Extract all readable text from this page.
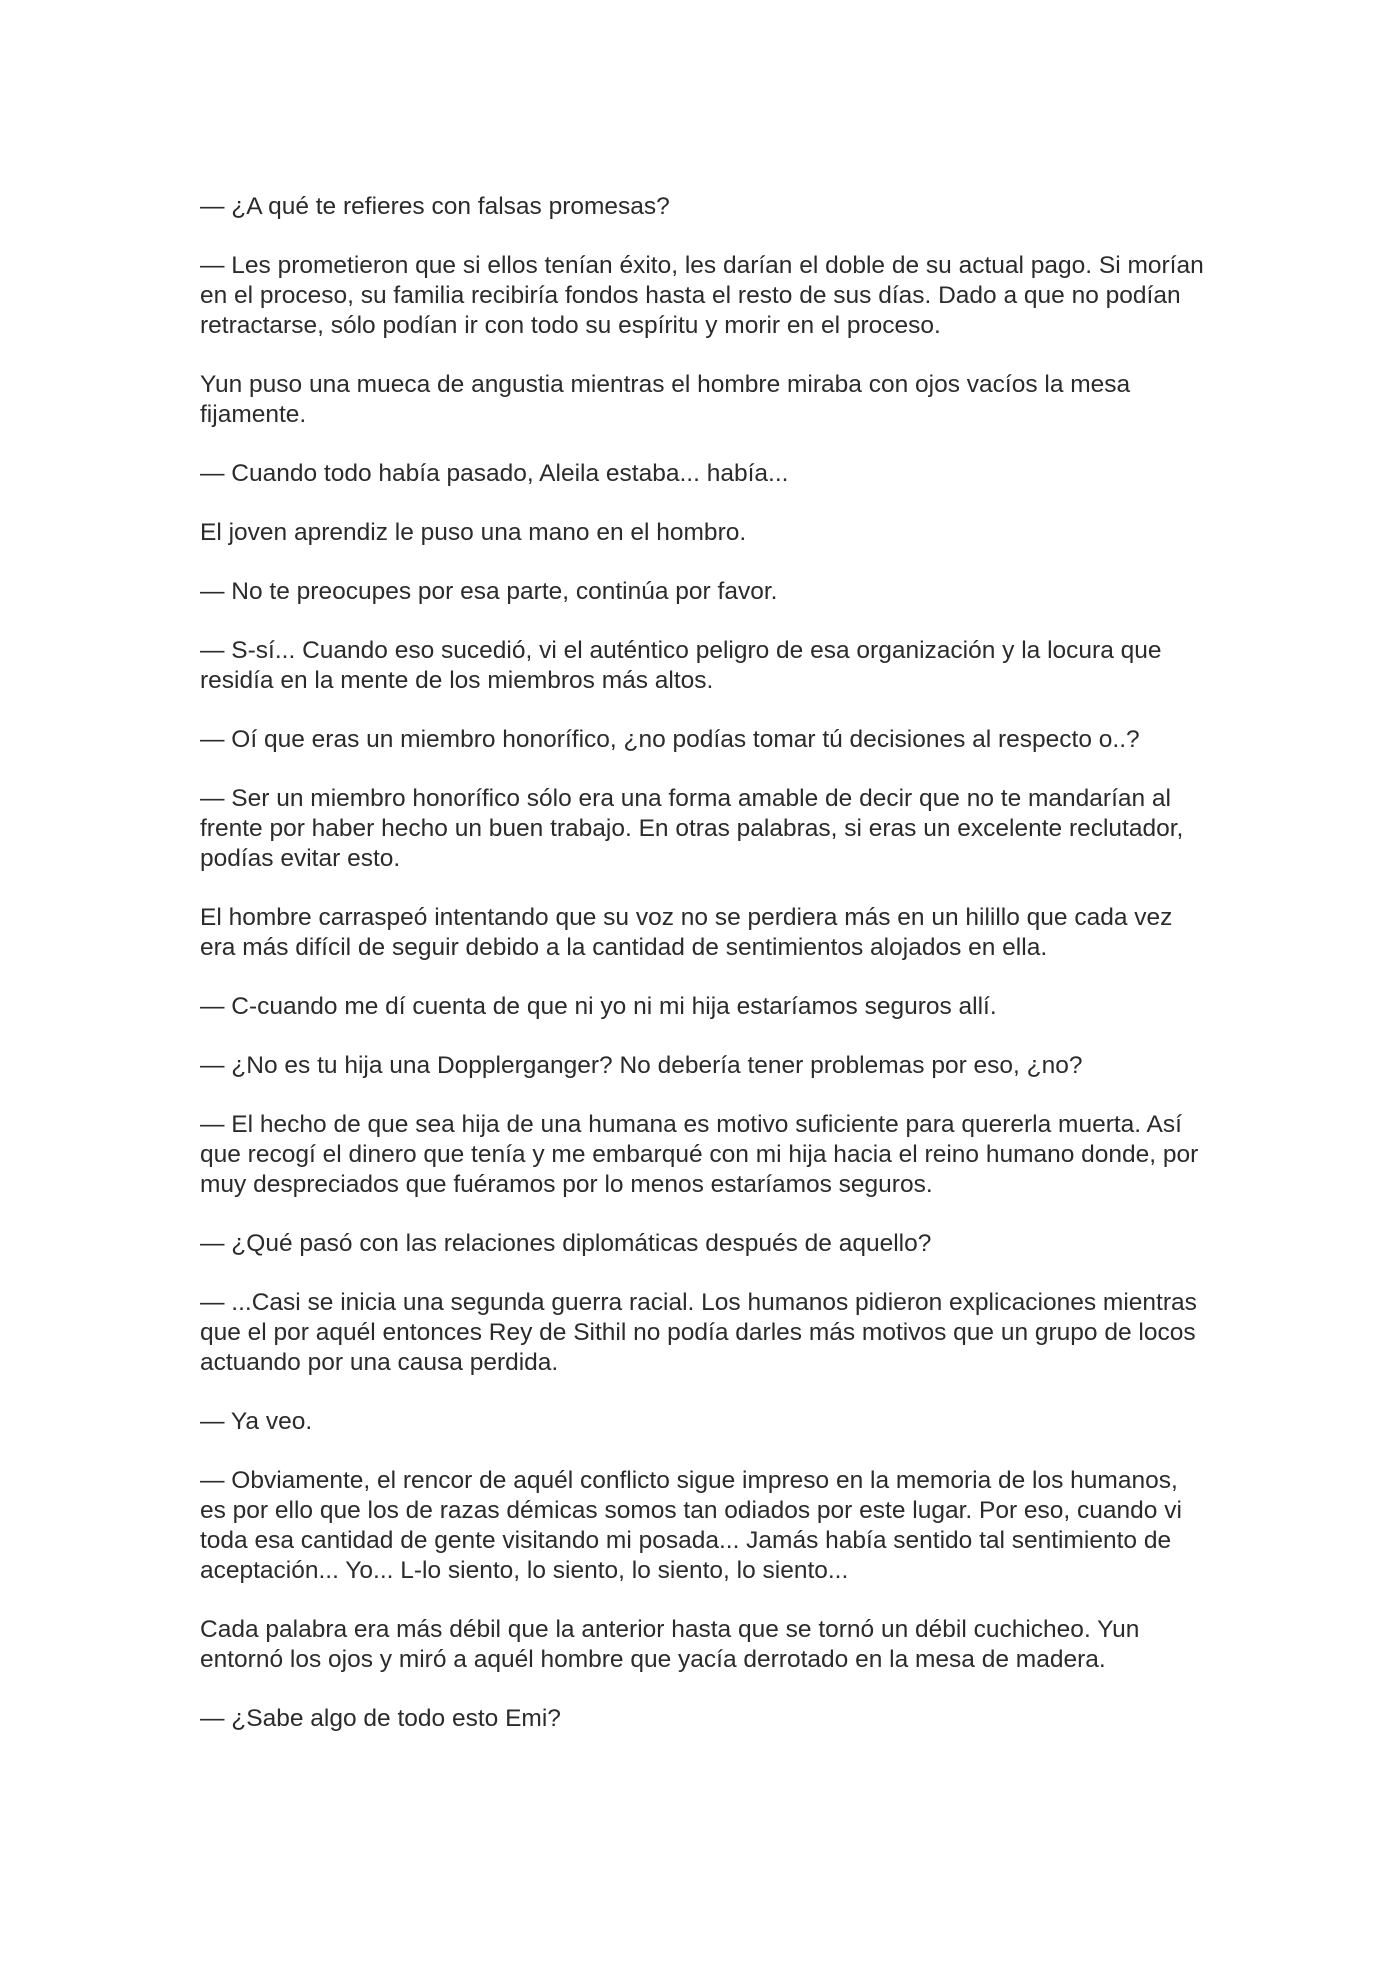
— ¿A qué te refieres con falsas promesas?

— Les prometieron que si ellos tenían éxito, les darían el doble de su actual pago. Si morían en el proceso, su familia recibiría fondos hasta el resto de sus días. Dado a que no podían retractarse, sólo podían ir con todo su espíritu y morir en el proceso.

Yun puso una mueca de angustia mientras el hombre miraba con ojos vacíos la mesa fijamente.

— Cuando todo había pasado, Aleila estaba... había...

El joven aprendiz le puso una mano en el hombro.

— No te preocupes por esa parte, continúa por favor.

— S-sí... Cuando eso sucedió, vi el auténtico peligro de esa organización y la locura que residía en la mente de los miembros más altos.

— Oí que eras un miembro honorífico, ¿no podías tomar tú decisiones al respecto o..?

— Ser un miembro honorífico sólo era una forma amable de decir que no te mandarían al frente por haber hecho un buen trabajo. En otras palabras, si eras un excelente reclutador, podías evitar esto.

El hombre carraspeó intentando que su voz no se perdiera más en un hilillo que cada vez era más difícil de seguir debido a la cantidad de sentimientos alojados en ella.

— C-cuando me dí cuenta de que ni yo ni mi hija estaríamos seguros allí.

— ¿No es tu hija una Dopplerganger? No debería tener problemas por eso, ¿no?

— El hecho de que sea hija de una humana es motivo suficiente para quererla muerta. Así que recogí el dinero que tenía y me embarqué con mi hija hacia el reino humano donde, por muy despreciados que fuéramos por lo menos estaríamos seguros.

— ¿Qué pasó con las relaciones diplomáticas después de aquello?

— ...Casi se inicia una segunda guerra racial. Los humanos pidieron explicaciones mientras que el por aquél entonces Rey de Sithil no podía darles más motivos que un grupo de locos actuando por una causa perdida.

— Ya veo.

— Obviamente, el rencor de aquél conflicto sigue impreso en la memoria de los humanos, es por ello que los de razas démicas somos tan odiados por este lugar. Por eso, cuando vi toda esa cantidad de gente visitando mi posada... Jamás había sentido tal sentimiento de aceptación... Yo... L-lo siento, lo siento, lo siento, lo siento...

Cada palabra era más débil que la anterior hasta que se tornó un débil cuchicheo. Yun entornó los ojos y miró a aquél hombre que yacía derrotado en la mesa de madera.

— ¿Sabe algo de todo esto Emi?
